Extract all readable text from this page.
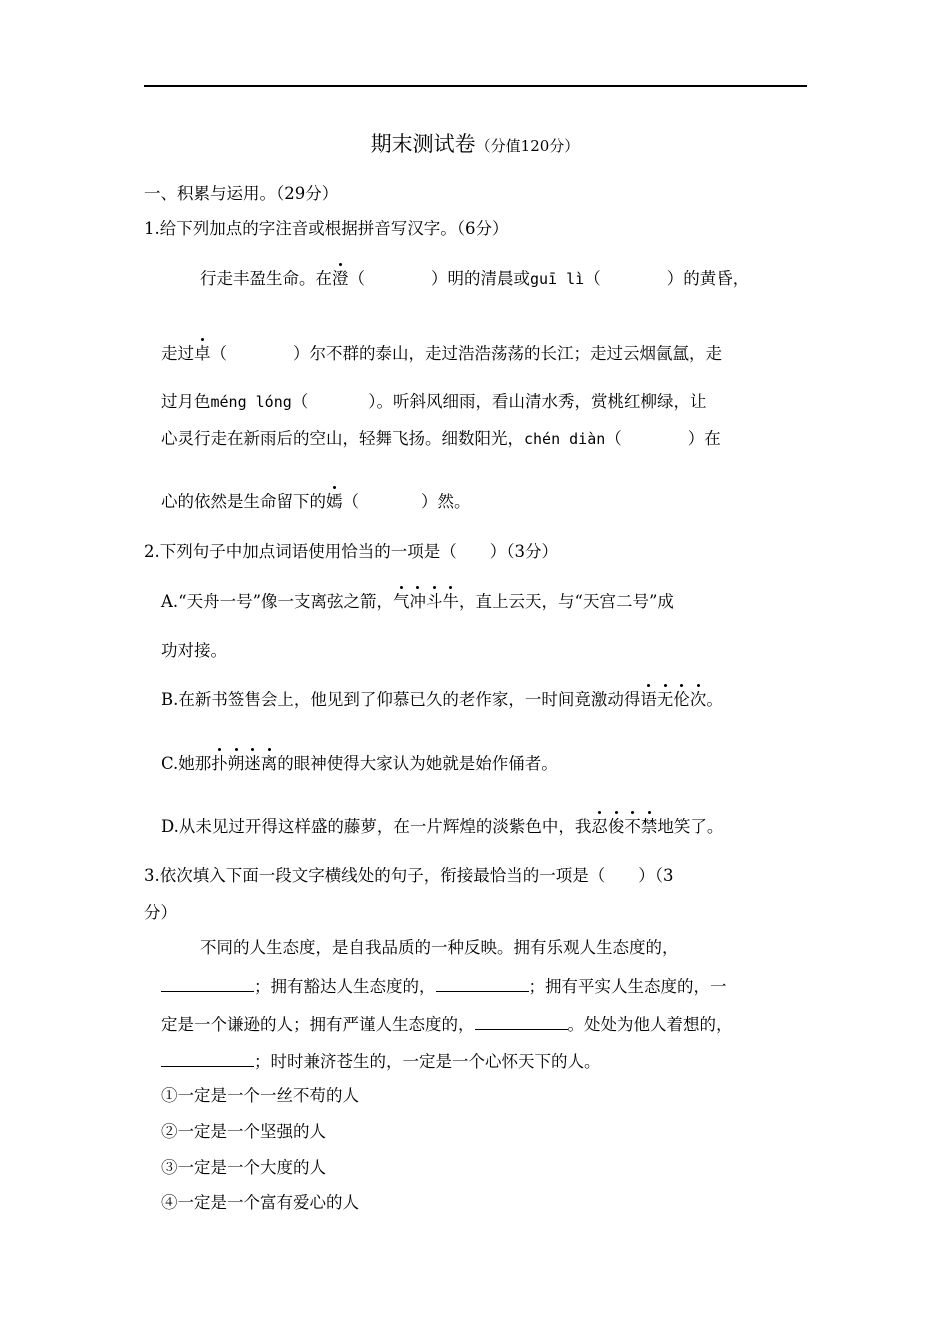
期末测试卷（分值120分）
一、积累与运用。（29分）
1.给下列加点的字注音或根据拼音写汉字。（6分）
行走丰盈生命。在澄（	）明的清晨或guī lì（	）的黄昏，
走过卓（	）尔不群的泰山，走过浩浩荡荡的长江；走过云烟氤氲，走
过月色méng lóng（	）。听斜风细雨，看山清水秀，赏桃红柳绿，让
心灵行走在新雨后的空山，轻舞飞扬。细数阳光，chén diàn（	）在
心的依然是生命留下的嫣（	）然。
2.下列句子中加点词语使用恰当的一项是（　　）（3分）
A.“天舟一号”像一支离弦之箭，气冲斗牛，直上云天，与“天宫二号”成
功对接。
B.在新书签售会上，他见到了仰慕已久的老作家，一时间竟激动得语无伦次。
C.她那扑朔迷离的眼神使得大家认为她就是始作俑者。
D.从未见过开得这样盛的藤萝，在一片辉煌的淡紫色中，我忍俊不禁地笑了。
3.依次填入下面一段文字横线处的句子，衔接最恰当的一项是（　　）（3
分）
不同的人生态度，是自我品质的一种反映。拥有乐观人生态度的，
；拥有豁达人生态度的，	；拥有平实人生态度的，一
定是一个谦逊的人；拥有严谨人生态度的，	。处处为他人着想的，
；时时兼济苍生的，一定是一个心怀天下的人。
①一定是一个一丝不苟的人
②一定是一个坚强的人
③一定是一个大度的人
④一定是一个富有爱心的人
